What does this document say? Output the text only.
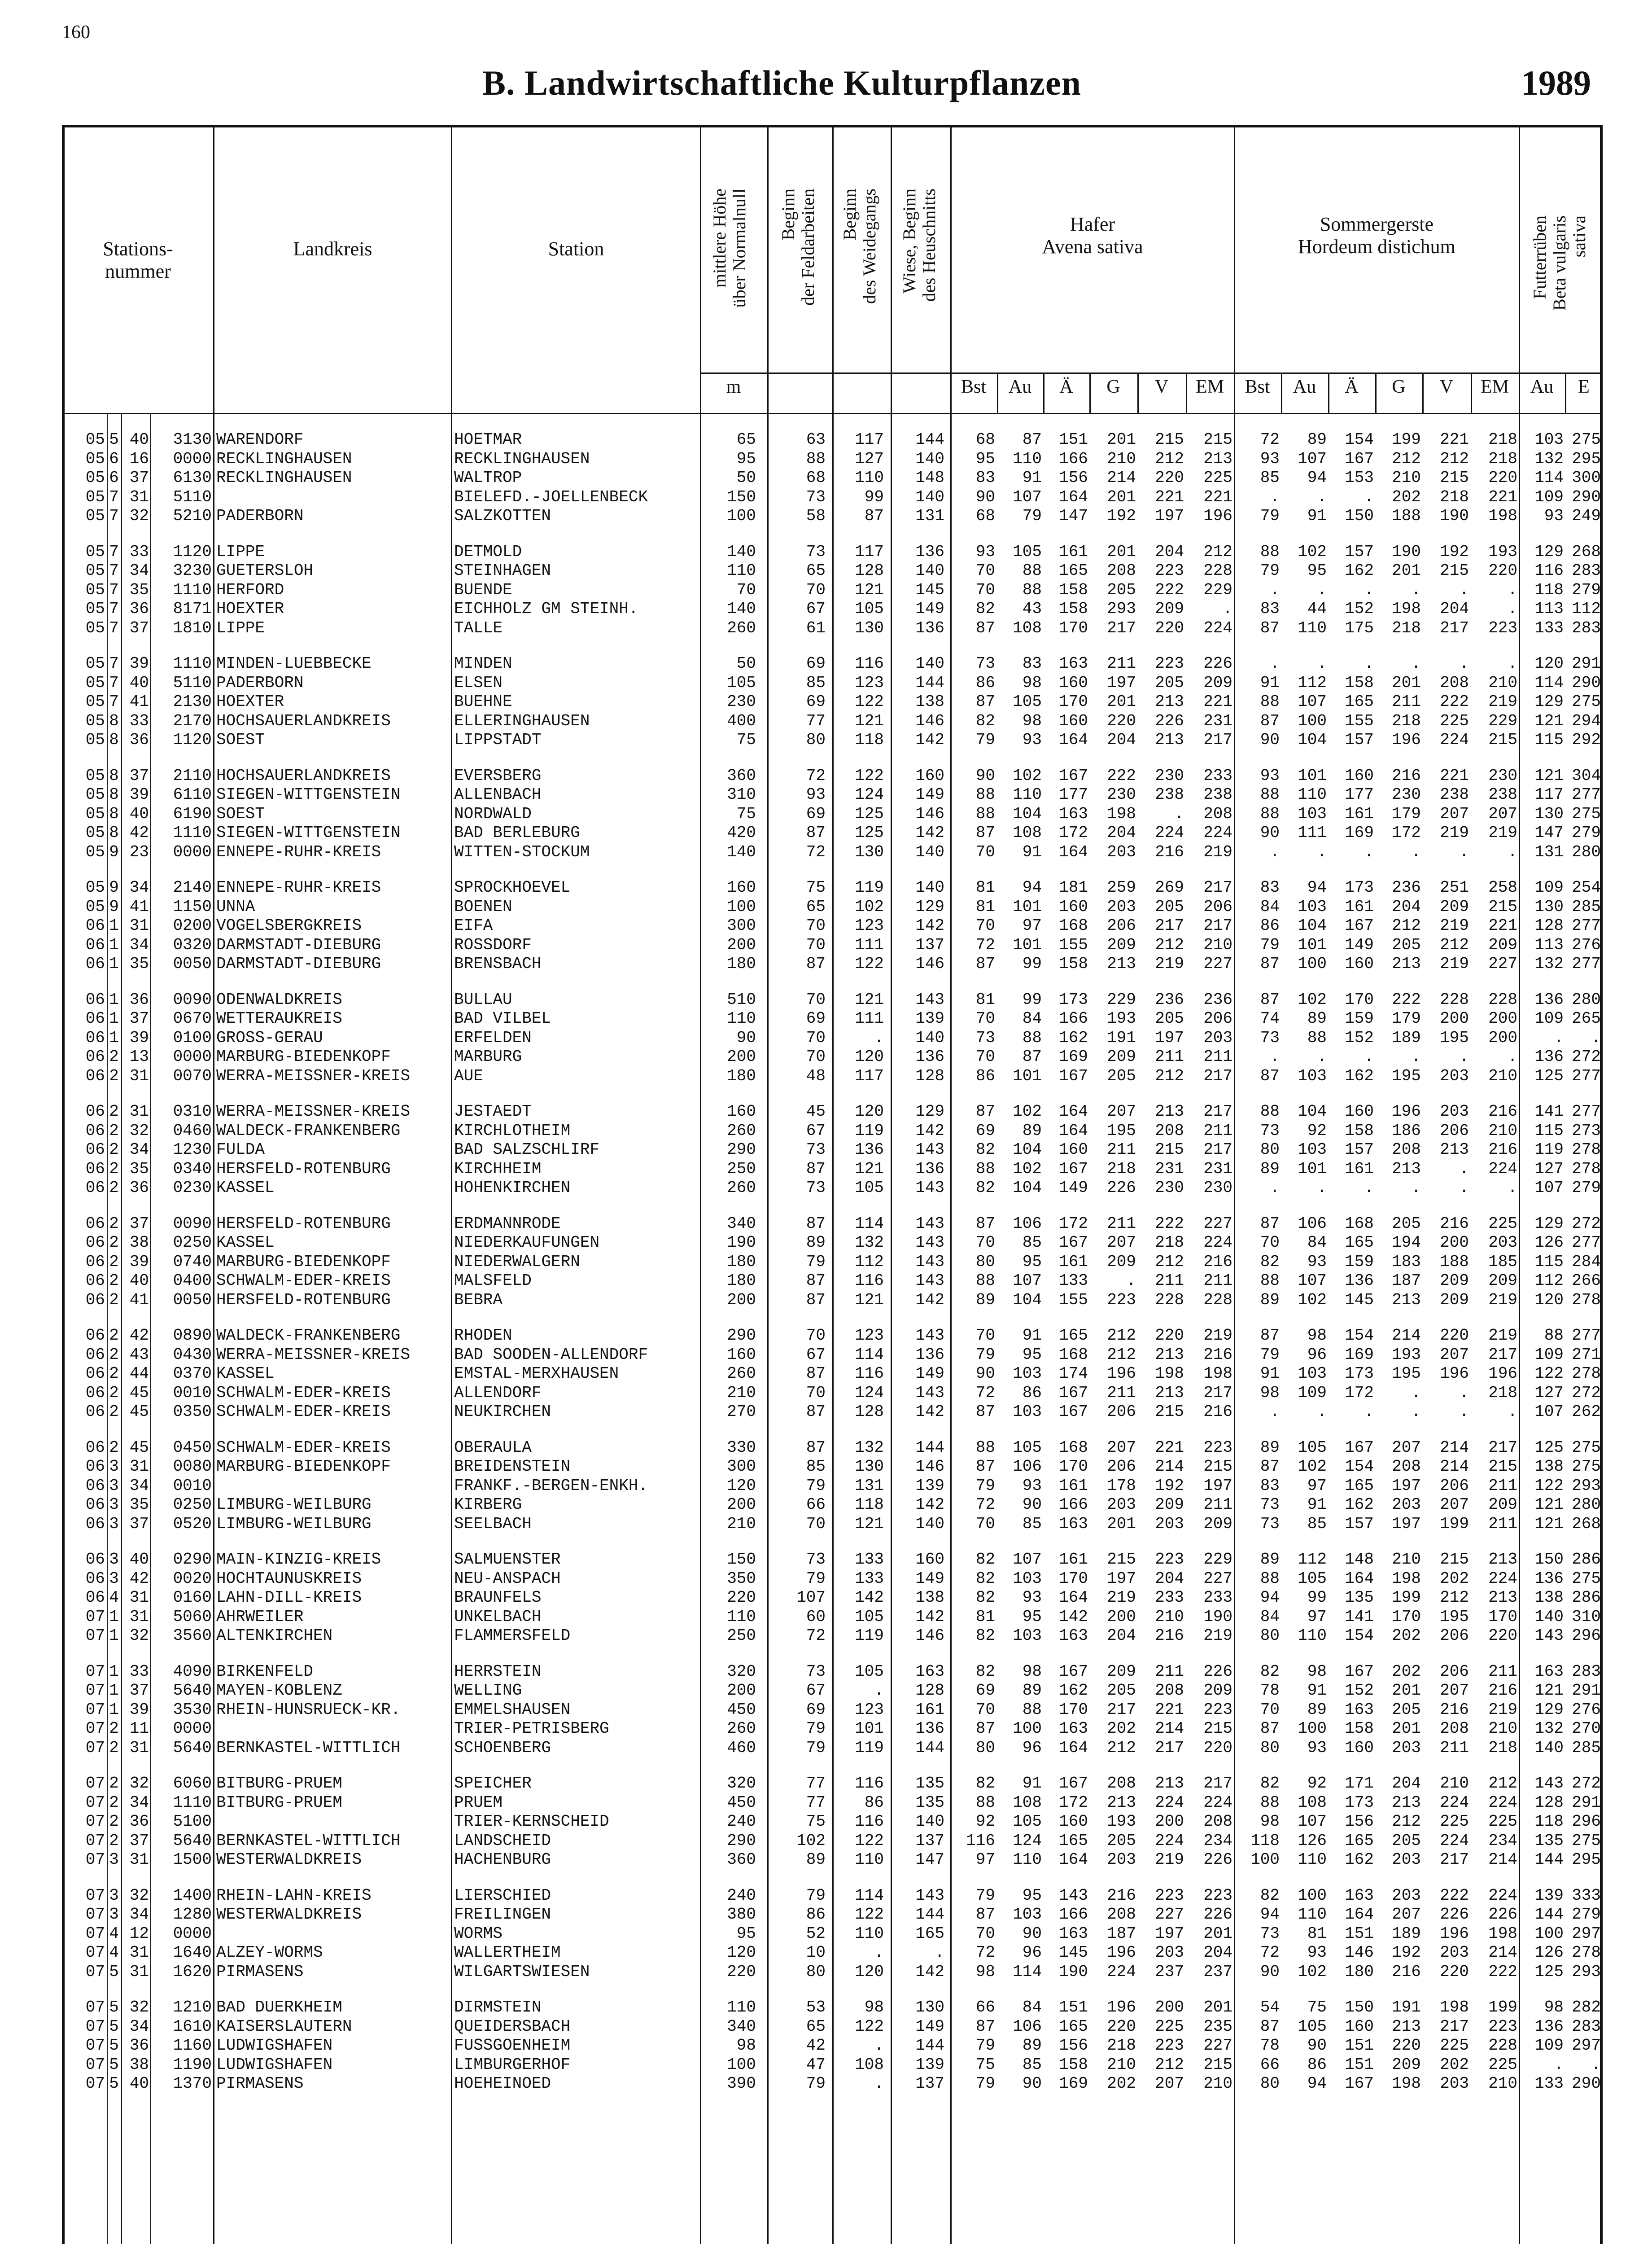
160
B. Landwirtschaftliche Kulturpflanzen	1989
Stations-
nummer
Landkreis	Station	mittlere Höhe
über Normalnull Beginn
der Feldarbeiten Beginn
des Weidegangs Wiese, Beginn
des Heuschnitts	Hafer
Avena sativa
Sommergerste
Hordeum distichum	Futterrüben
Beta vulgaris
sativa
m	Bst	Au	Ä	G	V	EM	Bst	Au	Ä	G	V	EM	Au	E
05 5 40	3130 WARENDORF	HOETMAR	65	63	117	144	68	87	151	201	215	215	72	89	154	199	221	218	103 275
05 6 16	0000 RECKLINGHAUSEN	RECKLINGHAUSEN	95	88	127	140	95	110	166	210	212	213	93	107	167	212	212	218	132 295
05 6 37	6130 RECKLINGHAUSEN	WALTROP	50	68	110	148	83	91	156	214	220	225	85	94	153	210	215	220	114 300
05 7 31	5110	BIELEFD.-JOELLENBECK	150	73	99	140	90	107	164	201	221	221	.	.	.	202	218	221	109 290
05 7 32	5210 PADERBORN	SALZKOTTEN	100	58	87	131	68	79	147	192	197	196	79	91	150	188	190	198	93 249
05 7 33	1120 LIPPE	DETMOLD	140	73	117	136	93	105	161	201	204	212	88	102	157	190	192	193	129 268
05 7 34	3230 GUETERSLOH	STEINHAGEN	110	65	128	140	70	88	165	208	223	228	79	95	162	201	215	220	116 283
05 7 35	1110 HERFORD	BUENDE	70	70	121	145	70	88	158	205	222	229	.	.	.	.	.	.	118 279
05 7 36	8171 HOEXTER	EICHHOLZ GM STEINH.	140	67	105	149	82	43	158	293	209	.	83	44	152	198	204	.	113 112
05 7 37	1810 LIPPE	TALLE	260	61	130	136	87	108	170	217	220	224	87	110	175	218	217	223	133 283
05 7 39	1110 MINDEN-LUEBBECKE	MINDEN	50	69	116	140	73	83	163	211	223	226	.	.	.	.	.	.	120 291
05 7 40	5110 PADERBORN	ELSEN	105	85	123	144	86	98	160	197	205	209	91	112	158	201	208	210	114 290
05 7 41	2130 HOEXTER	BUEHNE	230	69	122	138	87	105	170	201	213	221	88	107	165	211	222	219	129 275
05 8 33	2170 HOCHSAUERLANDKREIS	ELLERINGHAUSEN	400	77	121	146	82	98	160	220	226	231	87	100	155	218	225	229	121 294
05 8 36	1120 SOEST	LIPPSTADT	75	80	118	142	79	93	164	204	213	217	90	104	157	196	224	215	115 292
05 8 37	2110 HOCHSAUERLANDKREIS	EVERSBERG	360	72	122	160	90	102	167	222	230	233	93	101	160	216	221	230	121 304
05 8 39	6110 SIEGEN-WITTGENSTEIN	ALLENBACH	310	93	124	149	88	110	177	230	238	238	88	110	177	230	238	238	117 277
05 8 40	6190 SOEST	NORDWALD	75	69	125	146	88	104	163	198	.	208	88	103	161	179	207	207	130 275
05 8 42	1110 SIEGEN-WITTGENSTEIN	BAD BERLEBURG	420	87	125	142	87	108	172	204	224	224	90	111	169	172	219	219	147 279
05 9 23	0000 ENNEPE-RUHR-KREIS	WITTEN-STOCKUM	140	72	130	140	70	91	164	203	216	219	.	.	.	.	.	.	131 280
05 9 34	2140 ENNEPE-RUHR-KREIS	SPROCKHOEVEL	160	75	119	140	81	94	181	259	269	217	83	94	173	236	251	258	109 254
05 9 41	1150 UNNA	BOENEN	100	65	102	129	81	101	160	203	205	206	84	103	161	204	209	215	130 285
06 1 31	0200 VOGELSBERGKREIS	EIFA	300	70	123	142	70	97	168	206	217	217	86	104	167	212	219	221	128 277
06 1 34	0320 DARMSTADT-DIEBURG	ROSSDORF	200	70	111	137	72	101	155	209	212	210	79	101	149	205	212	209	113 276
06 1 35	0050 DARMSTADT-DIEBURG	BRENSBACH	180	87	122	146	87	99	158	213	219	227	87	100	160	213	219	227	132 277
06 1 36	0090 ODENWALDKREIS	BULLAU	510	70	121	143	81	99	173	229	236	236	87	102	170	222	228	228	136 280
06 1 37	0670 WETTERAUKREIS	BAD VILBEL	110	69	111	139	70	84	166	193	205	206	74	89	159	179	200	200	109 265
06 1 39	0100 GROSS-GERAU	ERFELDEN	90	70	.	140	73	88	162	191	197	203	73	88	152	189	195	200	.	.
06 2 13	0000 MARBURG-BIEDENKOPF	MARBURG	200	70	120	136	70	87	169	209	211	211	.	.	.	.	.	.	136 272
06 2 31	0070 WERRA-MEISSNER-KREIS	AUE	180	48	117	128	86	101	167	205	212	217	87	103	162	195	203	210	125 277
06 2 31	0310 WERRA-MEISSNER-KREIS	JESTAEDT	160	45	120	129	87	102	164	207	213	217	88	104	160	196	203	216	141 277
06 2 32	0460 WALDECK-FRANKENBERG	KIRCHLOTHEIM	260	67	119	142	69	89	164	195	208	211	73	92	158	186	206	210	115 273
06 2 34	1230 FULDA	BAD SALZSCHLIRF	290	73	136	143	82	104	160	211	215	217	80	103	157	208	213	216	119 278
06 2 35	0340 HERSFELD-ROTENBURG	KIRCHHEIM	250	87	121	136	88	102	167	218	231	231	89	101	161	213	.	224	127 278
06 2 36	0230 KASSEL	HOHENKIRCHEN	260	73	105	143	82	104	149	226	230	230	.	.	.	.	.	.	107 279
06 2 37	0090 HERSFELD-ROTENBURG	ERDMANNRODE	340	87	114	143	87	106	172	211	222	227	87	106	168	205	216	225	129 272
06 2 38	0250 KASSEL	NIEDERKAUFUNGEN	190	89	132	143	70	85	167	207	218	224	70	84	165	194	200	203	126 277
06 2 39	0740 MARBURG-BIEDENKOPF	NIEDERWALGERN	180	79	112	143	80	95	161	209	212	216	82	93	159	183	188	185	115 284
06 2 40	0400 SCHWALM-EDER-KREIS	MALSFELD	180	87	116	143	88	107	133	.	211	211	88	107	136	187	209	209	112 266
06 2 41	0050 HERSFELD-ROTENBURG	BEBRA	200	87	121	142	89	104	155	223	228	228	89	102	145	213	209	219	120 278
06 2 42	0890 WALDECK-FRANKENBERG	RHODEN	290	70	123	143	70	91	165	212	220	219	87	98	154	214	220	219	88 277
06 2 43	0430 WERRA-MEISSNER-KREIS	BAD SOODEN-ALLENDORF	160	67	114	136	79	95	168	212	213	216	79	96	169	193	207	217	109 271
06 2 44	0370 KASSEL	EMSTAL-MERXHAUSEN	260	87	116	149	90	103	174	196	198	198	91	103	173	195	196	196	122 278
06 2 45	0010 SCHWALM-EDER-KREIS	ALLENDORF	210	70	124	143	72	86	167	211	213	217	98	109	172	.	.	218	127 272
06 2 45	0350 SCHWALM-EDER-KREIS	NEUKIRCHEN	270	87	128	142	87	103	167	206	215	216	.	.	.	.	.	.	107 262
06 2 45	0450 SCHWALM-EDER-KREIS	OBERAULA	330	87	132	144	88	105	168	207	221	223	89	105	167	207	214	217	125 275
06 3 31	0080 MARBURG-BIEDENKOPF	BREIDENSTEIN	300	85	130	146	87	106	170	206	214	215	87	102	154	208	214	215	138 275
06 3 34	0010	FRANKF.-BERGEN-ENKH.	120	79	131	139	79	93	161	178	192	197	83	97	165	197	206	211	122 293
06 3 35	0250 LIMBURG-WEILBURG	KIRBERG	200	66	118	142	72	90	166	203	209	211	73	91	162	203	207	209	121 280
06 3 37	0520 LIMBURG-WEILBURG	SEELBACH	210	70	121	140	70	85	163	201	203	209	73	85	157	197	199	211	121 268
06 3 40	0290 MAIN-KINZIG-KREIS	SALMUENSTER	150	73	133	160	82	107	161	215	223	229	89	112	148	210	215	213	150 286
06 3 42	0020 HOCHTAUNUSKREIS	NEU-ANSPACH	350	79	133	149	82	103	170	197	204	227	88	105	164	198	202	224	136 275
06 4 31	0160 LAHN-DILL-KREIS	BRAUNFELS	220	107	142	138	82	93	164	219	233	233	94	99	135	199	212	213	138 286
07 1 31	5060 AHRWEILER	UNKELBACH	110	60	105	142	81	95	142	200	210	190	84	97	141	170	195	170	140 310
07 1 32	3560 ALTENKIRCHEN	FLAMMERSFELD	250	72	119	146	82	103	163	204	216	219	80	110	154	202	206	220	143 296
07 1 33	4090 BIRKENFELD	HERRSTEIN	320	73	105	163	82	98	167	209	211	226	82	98	167	202	206	211	163 283
07 1 37	5640 MAYEN-KOBLENZ	WELLING	200	67	.	128	69	89	162	205	208	209	78	91	152	201	207	216	121 291
07 1 39	3530 RHEIN-HUNSRUECK-KR.	EMMELSHAUSEN	450	69	123	161	70	88	170	217	221	223	70	89	163	205	216	219	129 276
07 2 11	0000	TRIER-PETRISBERG	260	79	101	136	87	100	163	202	214	215	87	100	158	201	208	210	132 270
07 2 31	5640 BERNKASTEL-WITTLICH	SCHOENBERG	460	79	119	144	80	96	164	212	217	220	80	93	160	203	211	218	140 285
07 2 32	6060 BITBURG-PRUEM	SPEICHER	320	77	116	135	82	91	167	208	213	217	82	92	171	204	210	212	143 272
07 2 34	1110 BITBURG-PRUEM	PRUEM	450	77	86	135	88	108	172	213	224	224	88	108	173	213	224	224	128 291
07 2 36	5100	TRIER-KERNSCHEID	240	75	116	140	92	105	160	193	200	208	98	107	156	212	225	225	118 296
07 2 37	5640 BERNKASTEL-WITTLICH	LANDSCHEID	290	102	122	137	116	124	165	205	224	234	118	126	165	205	224	234	135 275
07 3 31	1500 WESTERWALDKREIS	HACHENBURG	360	89	110	147	97	110	164	203	219	226	100	110	162	203	217	214	144 295
07 3 32	1400 RHEIN-LAHN-KREIS	LIERSCHIED	240	79	114	143	79	95	143	216	223	223	82	100	163	203	222	224	139 333
07 3 34	1280 WESTERWALDKREIS	FREILINGEN	380	86	122	144	87	103	166	208	227	226	94	110	164	207	226	226	144 279
07 4 12	0000	WORMS	95	52	110	165	70	90	163	187	197	201	73	81	151	189	196	198	100 297
07 4 31	1640 ALZEY-WORMS	WALLERTHEIM	120	10	.	.	72	96	145	196	203	204	72	93	146	192	203	214	126 278
07 5 31	1620 PIRMASENS	WILGARTSWIESEN	220	80	120	142	98	114	190	224	237	237	90	102	180	216	220	222	125 293
07 5 32	1210 BAD DUERKHEIM	DIRMSTEIN	110	53	98	130	66	84	151	196	200	201	54	75	150	191	198	199	98 282
07 5 34	1610 KAISERSLAUTERN	QUEIDERSBACH	340	65	122	149	87	106	165	220	225	235	87	105	160	213	217	223	136 283
07 5 36	1160 LUDWIGSHAFEN	FUSSGOENHEIM	98	42	.	144	79	89	156	218	223	227	78	90	151	220	225	228	109 297
07 5 38	1190 LUDWIGSHAFEN	LIMBURGERHOF	100	47	108	139	75	85	158	210	212	215	66	86	151	209	202	225	.	.
07 5 40	1370 PIRMASENS	HOEHEINOED	390	79	.	137	79	90	169	202	207	210	80	94	167	198	203	210	133 290
